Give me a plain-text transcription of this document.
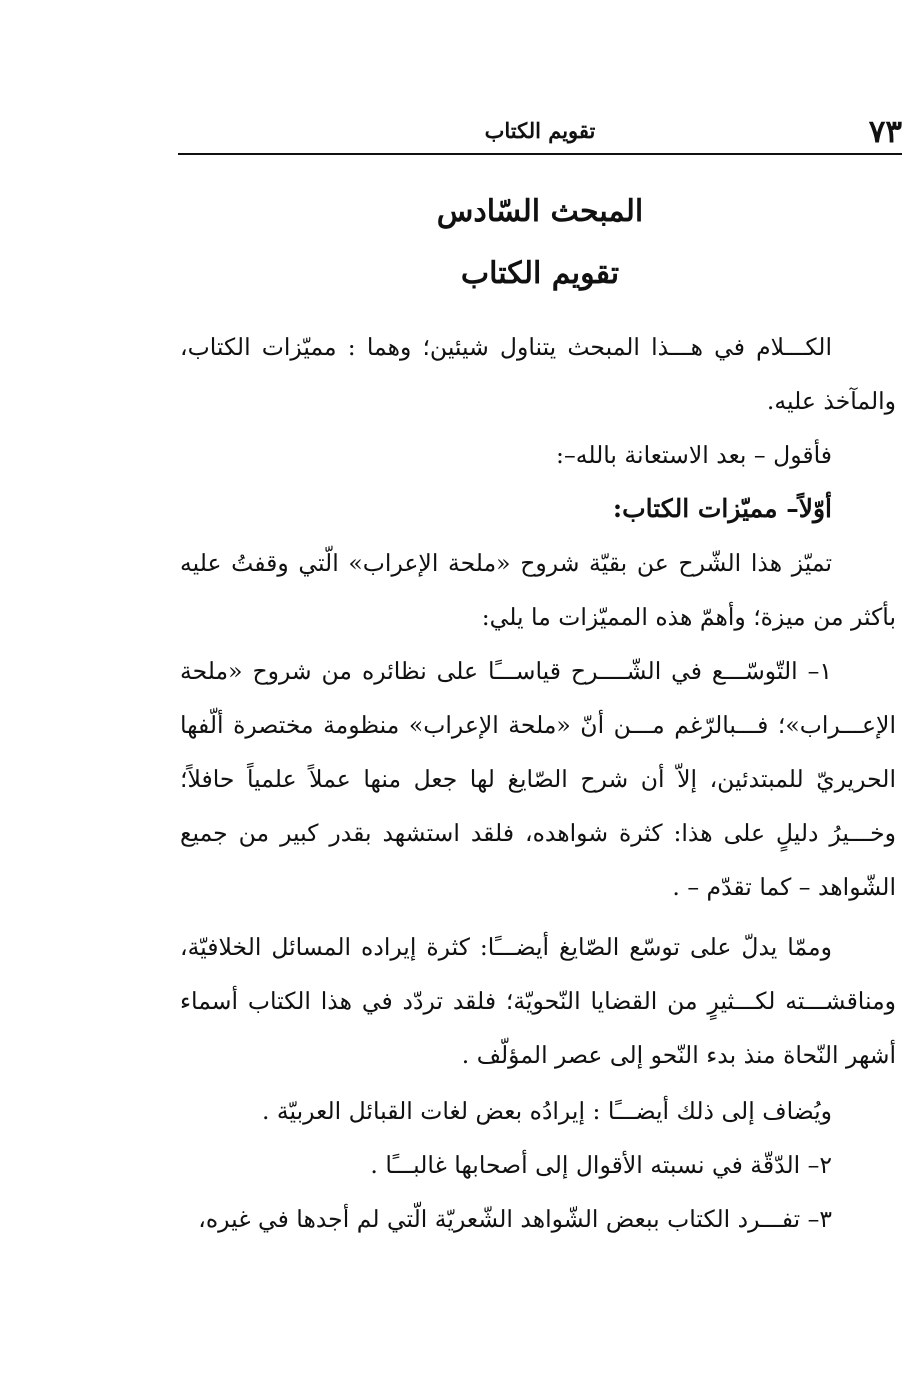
٧٣
تقويم الكتاب
المبحث السّادس
تقويم الكتاب

الكـــلام في هـــذا المبحث يتناول شيئين؛ وهما : مميّزات الكتاب، والمآخذ عليه.

فأقول – بعد الاستعانة بالله–:

أوّلاً– مميّزات الكتاب:

تميّز هذا الشّرح عن بقيّة شروح «ملحة الإعراب» الّتي وقفتُ عليه بأكثر من ميزة؛ وأهمّ هذه المميّزات ما يلي:

١– التّوسّـــع في الشّــــرح قياســـًا على نظائره من شروح «ملحة الإعـــراب»؛ فـــبالرّغم مـــن أنّ «ملحة الإعراب» منظومة مختصرة ألّفها الحريريّ للمبتدئين، إلاّ أن شرح الصّايغ لها جعل منها عملاً علمياً حافلاً؛ وخـــيرُ دليلٍ على هذا: كثرة شواهده، فلقد استشهد بقدر كبير من جميع الشّواهد – كما تقدّم – .

وممّا يدلّ على توسّع الصّايغ أيضـــًا: كثرة إيراده المسائل الخلافيّة، ومناقشـــته لكـــثيرٍ من القضايا النّحويّة؛ فلقد تردّد في هذا الكتاب أسماء أشهر النّحاة منذ بدء النّحو إلى عصر المؤلّف .

ويُضاف إلى ذلك أيضـــًا : إيرادُه بعض لغات القبائل العربيّة .

٢– الدّقّة في نسبته الأقوال إلى أصحابها غالبـــًا .

٣– تفـــرد الكتاب ببعض الشّواهد الشّعريّة الّتي لم أجدها في غيره،
